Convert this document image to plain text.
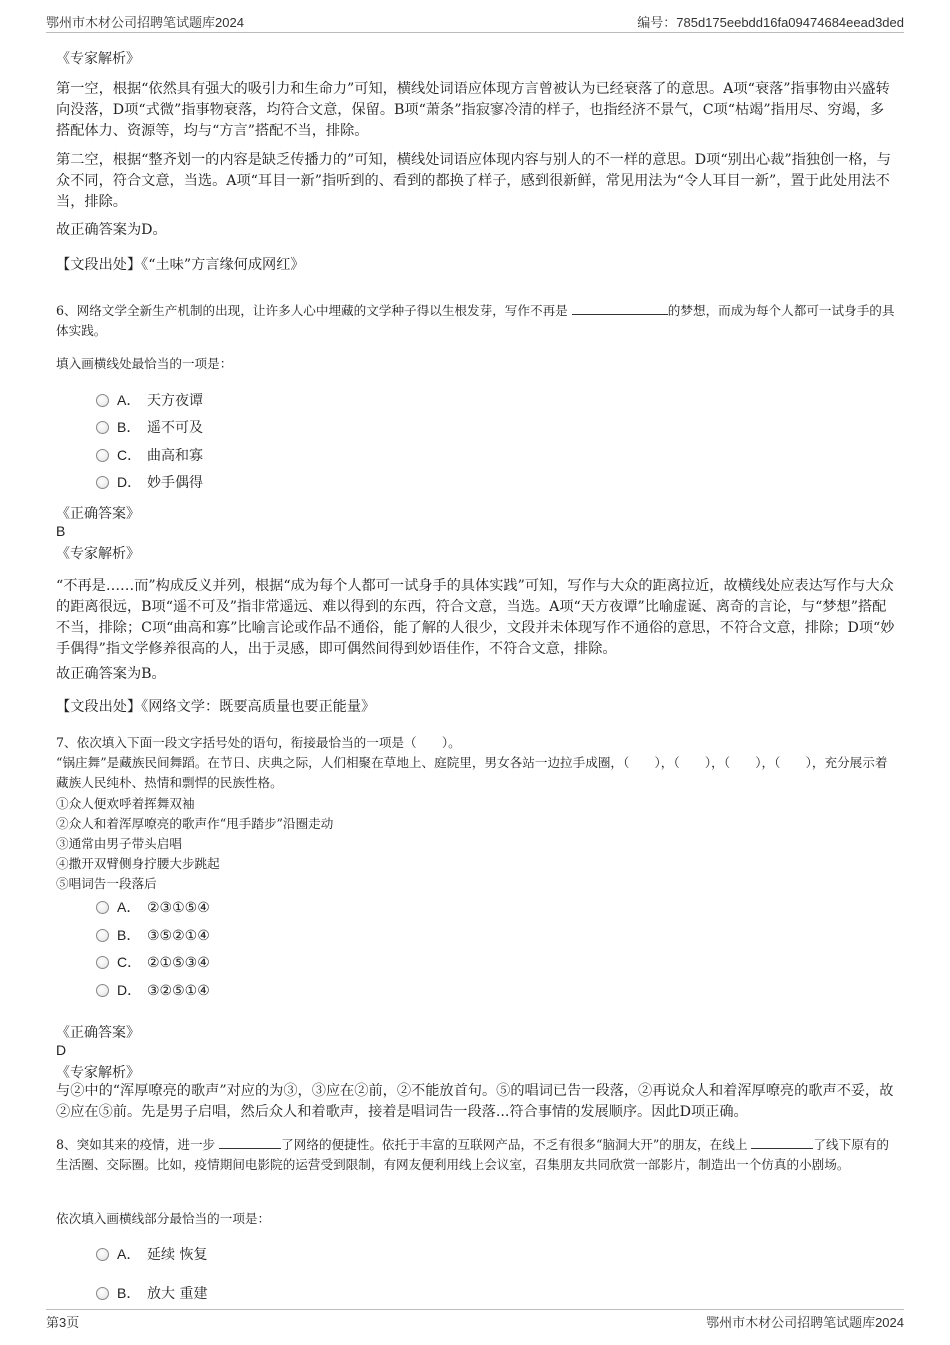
鄂州市木材公司招聘笔试题库2024	编号：785d175eebdd16fa09474684eead3ded
《专家解析》
第一空，根据“依然具有强大的吸引力和生命力”可知，横线处词语应体现方言曾被认为已经衰落了的意思。A项“衰落”指事物由兴盛转向没落，D项“式微”指事物衰落，均符合文意，保留。B项“萧条”指寂寥冷清的样子，也指经济不景气，C项“枯竭”指用尽、穷竭，多搭配体力、资源等，均与“方言”搭配不当，排除。
第二空，根据“整齐划一的内容是缺乏传播力的”可知，横线处词语应体现内容与别人的不一样的意思。D项“别出心裁”指独创一格，与众不同，符合文意，当选。A项“耳目一新”指听到的、看到的都换了样子，感到很新鲜，常见用法为“令人耳目一新”，置于此处用法不当，排除。
故正确答案为D。
【文段出处】《“土味”方言缘何成网红》
6、网络文学全新生产机制的出现，让许多人心中埋藏的文学种子得以生根发芽，写作不再是	的梦想，而成为每个人都可一试身手的具体实践。
填入画横线处最恰当的一项是：
A． 天方夜谭
B． 遥不可及
C． 曲高和寡
D． 妙手偶得
《正确答案》
B
《专家解析》
“不再是……而”构成反义并列，根据“成为每个人都可一试身手的具体实践”可知，写作与大众的距离拉近，故横线处应表达写作与大众的距离很远，B项“遥不可及”指非常遥远、难以得到的东西，符合文意，当选。A项“天方夜谭”比喻虚诞、离奇的言论，与“梦想”搭配不当，排除；C项“曲高和寡”比喻言论或作品不通俗，能了解的人很少，文段并未体现写作不通俗的意思，不符合文意，排除；D项“妙手偶得”指文学修养很高的人，出于灵感，即可偶然间得到妙语佳作，不符合文意，排除。
故正确答案为B。
【文段出处】《网络文学：既要高质量也要正能量》
7、依次填入下面一段文字括号处的语句，衔接最恰当的一项是（　　）。
“锅庄舞”是藏族民间舞蹈。在节日、庆典之际，人们相聚在草地上、庭院里，男女各站一边拉手成圈，（　　），（　　），（　　），（　　），充分展示着藏族人民纯朴、热情和剽悍的民族性格。
①众人便欢呼着挥舞双袖
②众人和着浑厚嘹亮的歌声作“甩手踏步”沿圈走动
③通常由男子带头启唱
④撒开双臂侧身拧腰大步跳起
⑤唱词告一段落后
A． ②③①⑤④
B． ③⑤②①④
C． ②①⑤③④
D． ③②⑤①④
《正确答案》
D
《专家解析》
与②中的“浑厚嘹亮的歌声”对应的为③，③应在②前，②不能放首句。⑤的唱词已告一段落，②再说众人和着浑厚嘹亮的歌声不妥，故②应在⑤前。先是男子启唱，然后众人和着歌声，接着是唱词告一段落...符合事情的发展顺序。因此D项正确。
8、突如其来的疫情，进一步	了网络的便捷性。依托于丰富的互联网产品，不乏有很多“脑洞大开”的朋友，在线上	了线下原有的生活圈、交际圈。比如，疫情期间电影院的运营受到限制，有网友便利用线上会议室，召集朋友共同欣赏一部影片，制造出一个仿真的小剧场。
依次填入画横线部分最恰当的一项是：
A． 延续 恢复
B． 放大 重建
第3页	鄂州市木材公司招聘笔试题库2024
